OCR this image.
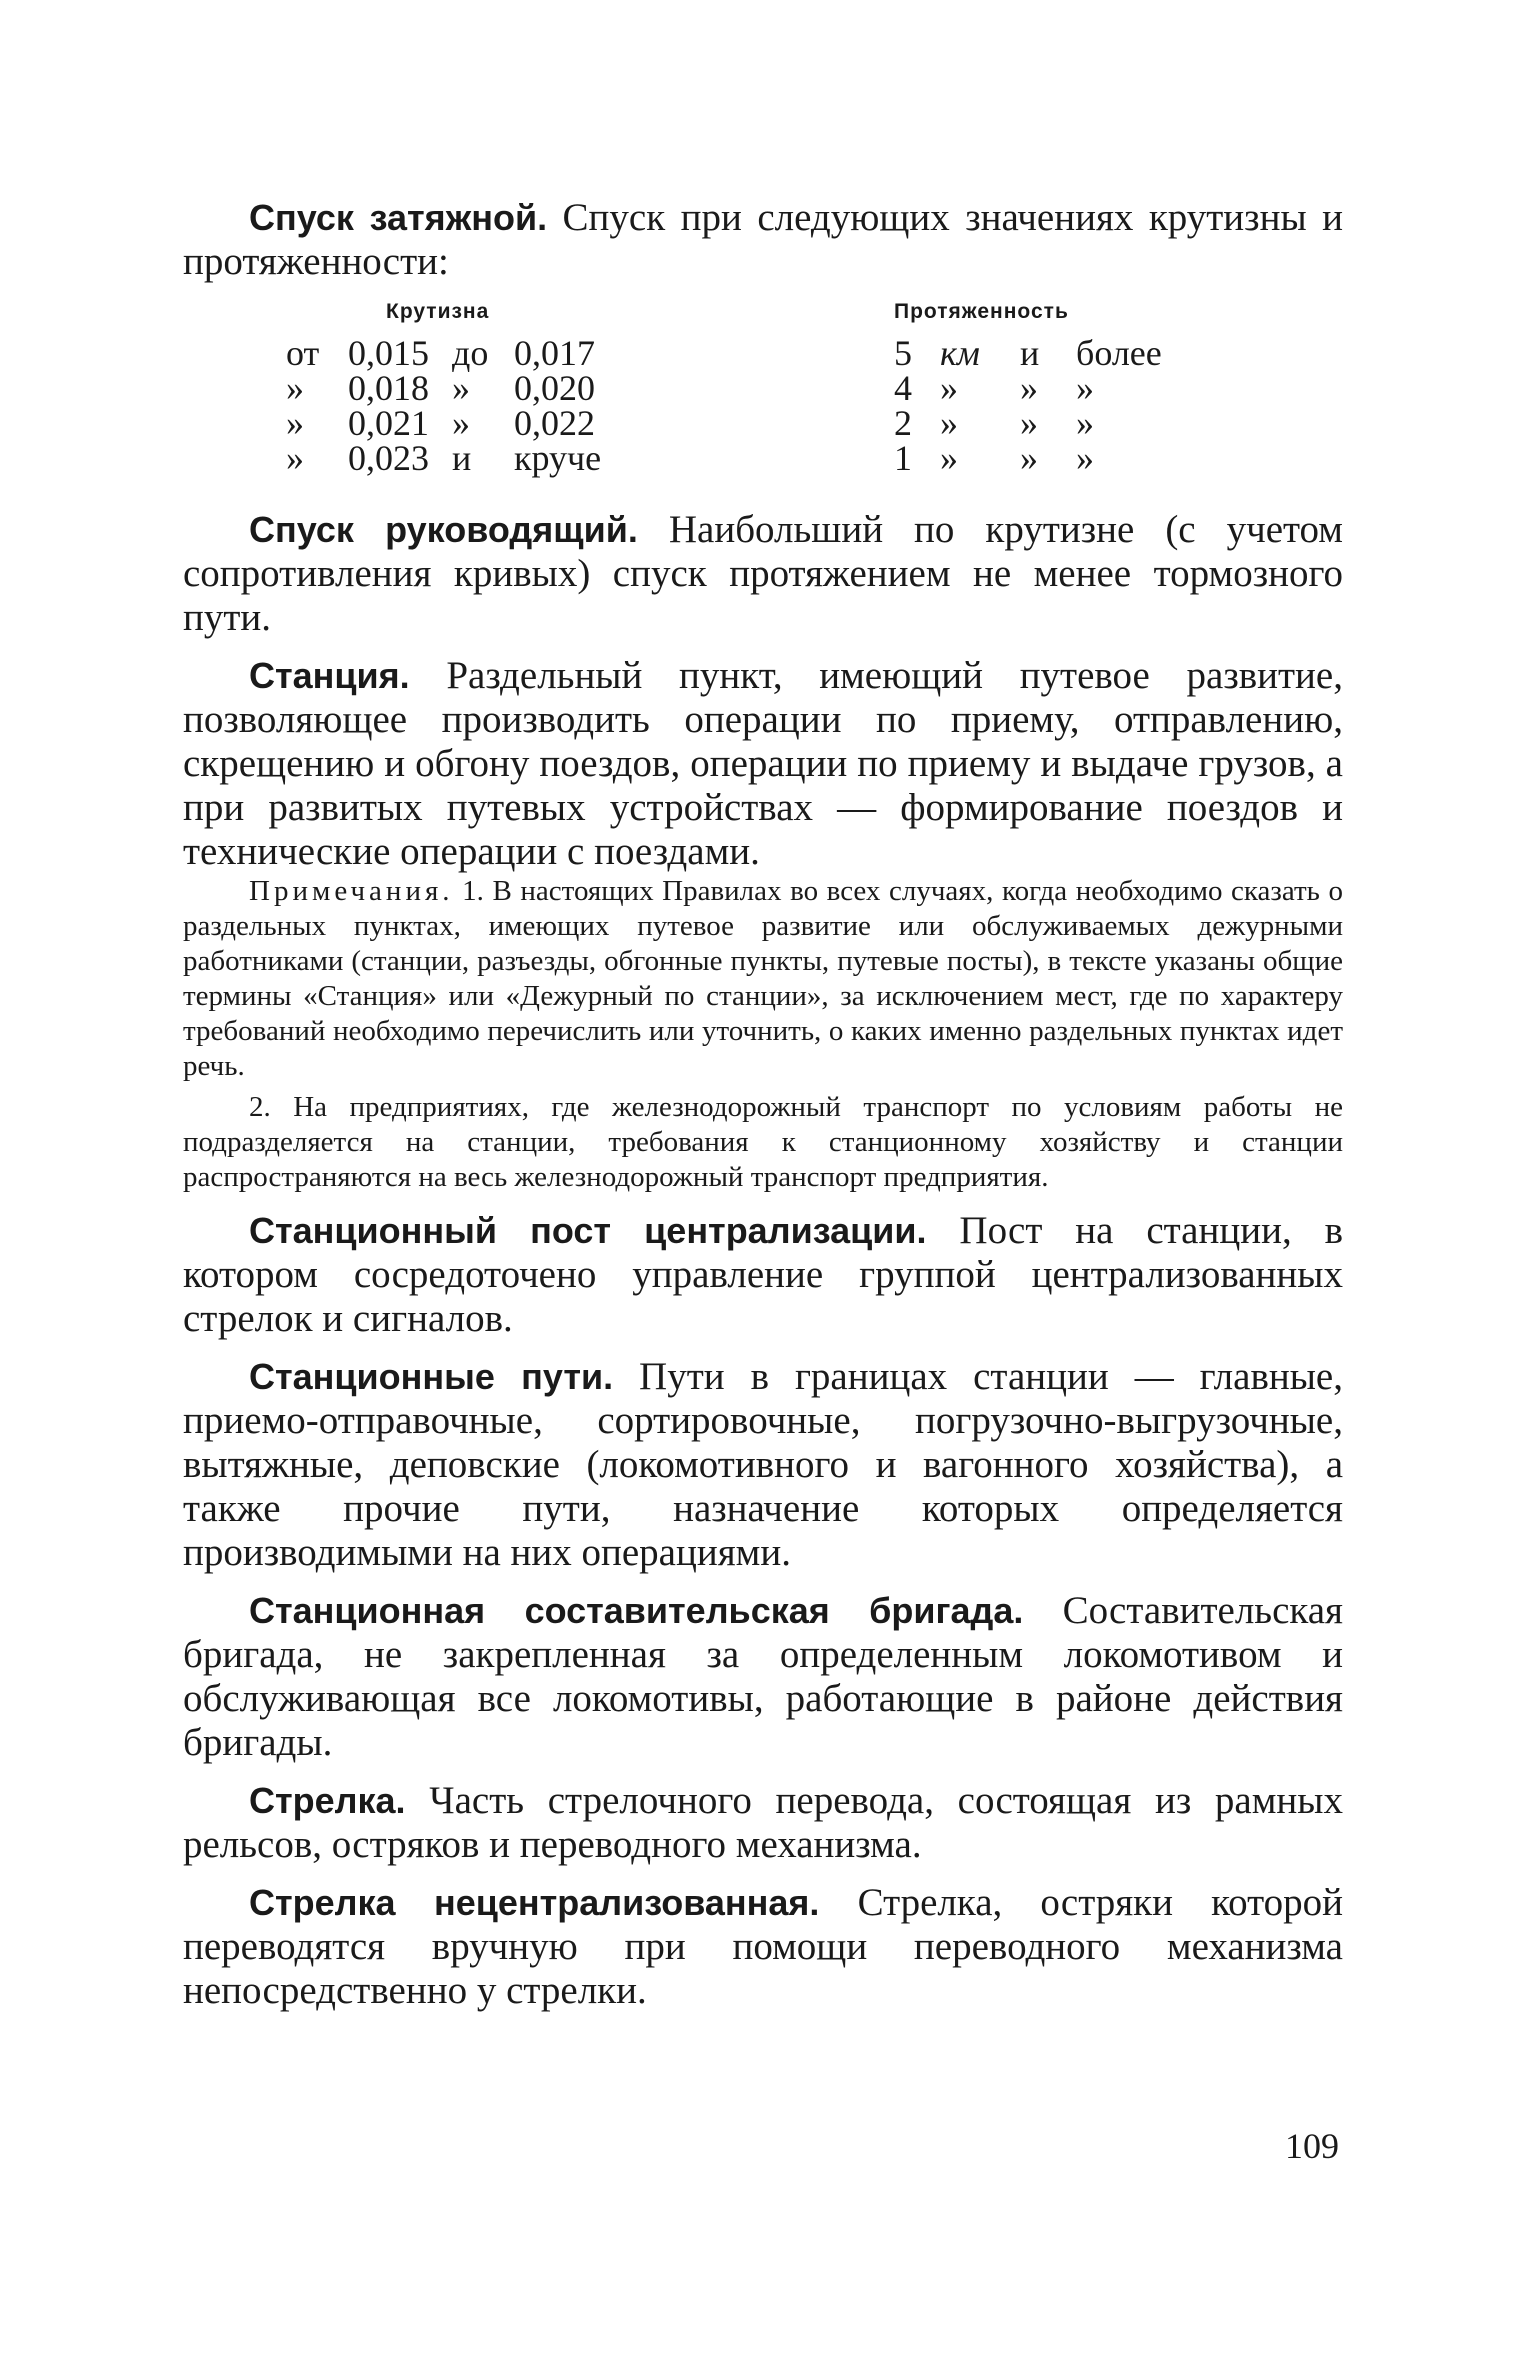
Спуск затяжной. Спуск при следующих значениях крутизны и протяженности:

Крутизна				Протяженность			
от	0,015	до	0,017	5	км	и	более
»	0,018	»	0,020	4	»	»	»
»	0,021	»	0,022	2	»	»	»
»	0,023	и	круче	1	»	»	»

Спуск руководящий. Наибольший по крутизне (с учетом сопротивления кривых) спуск протяжением не менее тормозного пути.

Станция. Раздельный пункт, имеющий путевое развитие, позволяющее производить операции по приему, отправлению, скрещению и обгону поездов, операции по приему и выдаче грузов, а при развитых путевых устройствах — формирование поездов и технические операции с поездами.

Примечания. 1. В настоящих Правилах во всех случаях, когда необходимо сказать о раздельных пунктах, имеющих путевое развитие или обслуживаемых дежурными работниками (станции, разъезды, обгонные пункты, путевые посты), в тексте указаны общие термины «Станция» или «Дежурный по станции», за исключением мест, где по характеру требований необходимо перечислить или уточнить, о каких именно раздельных пунктах идет речь.

2. На предприятиях, где железнодорожный транспорт по условиям работы не подразделяется на станции, требования к станционному хозяйству и станции распространяются на весь железнодорожный транспорт предприятия.

Станционный пост централизации. Пост на станции, в котором сосредоточено управление группой централизованных стрелок и сигналов.

Станционные пути. Пути в границах станции — главные, приемо-отправочные, сортировочные, погрузочно-выгрузочные, вытяжные, деповские (локомотивного и вагонного хозяйства), а также прочие пути, назначение которых определяется производимыми на них операциями.

Станционная составительская бригада. Составительская бригада, не закрепленная за определенным локомотивом и обслуживающая все локомотивы, работающие в районе действия бригады.

Стрелка. Часть стрелочного перевода, состоящая из рамных рельсов, остряков и переводного механизма.

Стрелка нецентрализованная. Стрелка, остряки которой переводятся вручную при помощи переводного механизма непосредственно у стрелки.

109
